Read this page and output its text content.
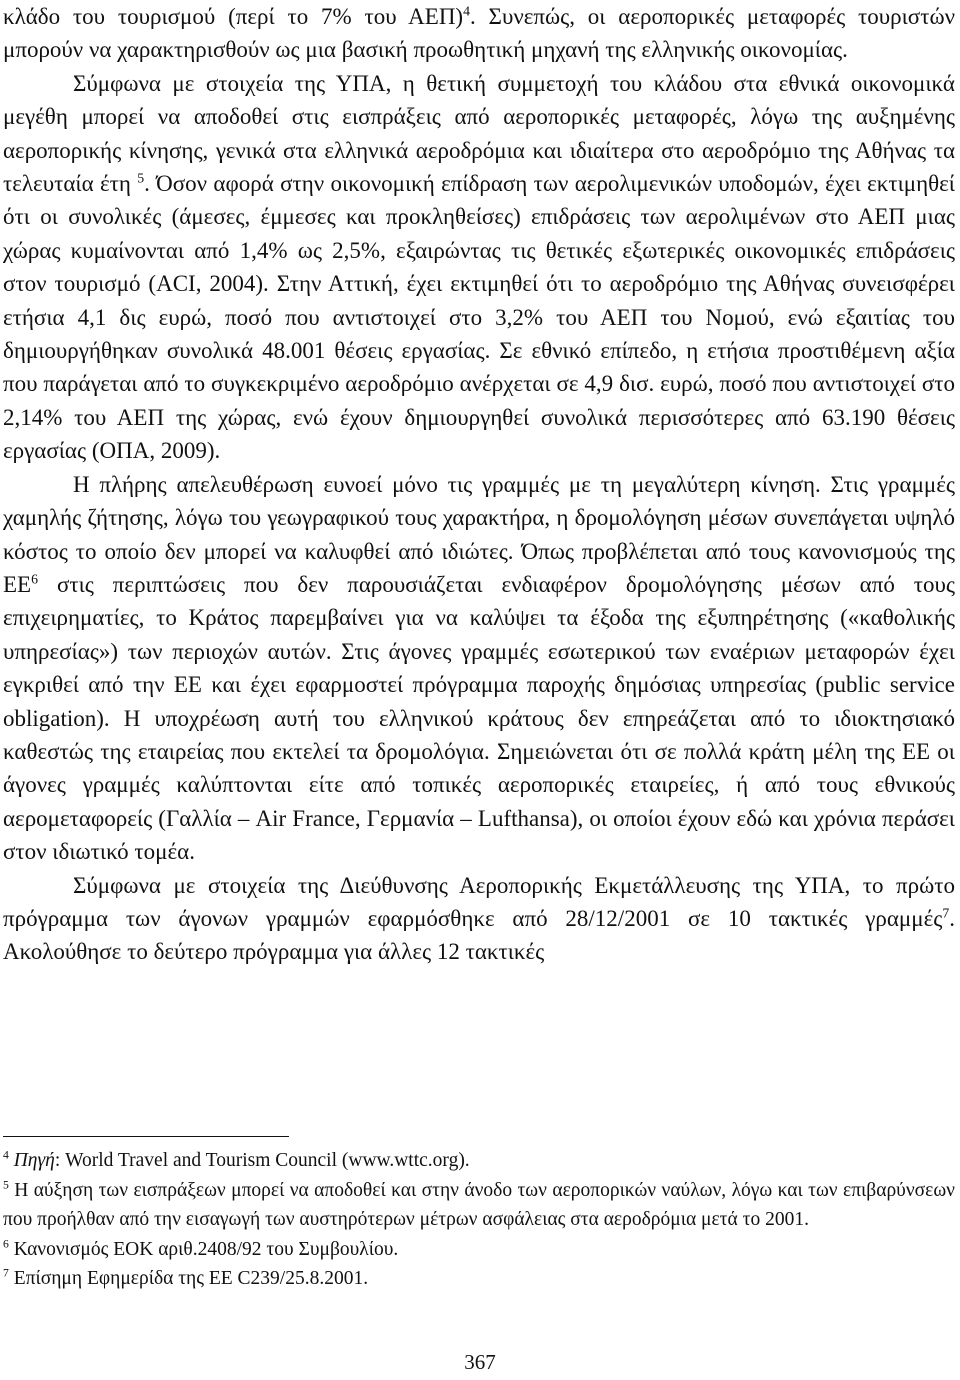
κλάδο του τουρισμού (περί το 7% του ΑΕΠ)$^4$. Συνεπώς, οι αεροπορικές μεταφορές τουριστών μπορούν να χαρακτηρισθούν ως μια βασική προωθητική μηχανή της ελληνικής οικονομίας.

Σύμφωνα με στοιχεία της ΥΠΑ, η θετική συμμετοχή του κλάδου στα εθνικά οικονομικά μεγέθη μπορεί να αποδοθεί στις εισπράξεις από αεροπορικές μεταφορές, λόγω της αυξημένης αεροπορικής κίνησης, γενικά στα ελληνικά αεροδρόμια και ιδιαίτερα στο αεροδρόμιο της Αθήνας τα τελευταία έτη $^5$. Όσον αφορά στην οικονομική επίδραση των αερολιμενικών υποδομών, έχει εκτιμηθεί ότι οι συνολικές (άμεσες, έμμεσες και προκληθείσες) επιδράσεις των αερολιμένων στο ΑΕΠ μιας χώρας κυμαίνονται από 1,4% ως 2,5%, εξαιρώντας τις θετικές εξωτερικές οικονομικές επιδράσεις στον τουρισμό (ACI, 2004). Στην Αττική, έχει εκτιμηθεί ότι το αεροδρόμιο της Αθήνας συνεισφέρει ετήσια 4,1 δις ευρώ, ποσό που αντιστοιχεί στο 3,2% του ΑΕΠ του Νομού, ενώ εξαιτίας του δημιουργήθηκαν συνολικά 48.001 θέσεις εργασίας. Σε εθνικό επίπεδο, η ετήσια προστιθέμενη αξία που παράγεται από το συγκεκριμένο αεροδρόμιο ανέρχεται σε 4,9 δισ. ευρώ, ποσό που αντιστοιχεί στο 2,14% του ΑΕΠ της χώρας, ενώ έχουν δημιουργηθεί συνολικά περισσότερες από 63.190 θέσεις εργασίας (ΟΠΑ, 2009).

Η πλήρης απελευθέρωση ευνοεί μόνο τις γραμμές με τη μεγαλύτερη κίνηση. Στις γραμμές χαμηλής ζήτησης, λόγω του γεωγραφικού τους χαρακτήρα, η δρομολόγηση μέσων συνεπάγεται υψηλό κόστος το οποίο δεν μπορεί να καλυφθεί από ιδιώτες. Όπως προβλέπεται από τους κανονισμούς της $EE^6$ στις περιπτώσεις που δεν παρουσιάζεται ενδιαφέρον δρομολόγησης μέσων από τους επιχειρηματίες, το Κράτος παρεμβαίνει για να καλύψει τα έξοδα της εξυπηρέτησης («καθολικής υπηρεσίας») των περιοχών αυτών. Στις άγονες γραμμές εσωτερικού των εναέριων μεταφορών έχει εγκριθεί από την ΕΕ και έχει εφαρμοστεί πρόγραμμα παροχής δημόσιας υπηρεσίας (public service obligation). Η υποχρέωση αυτή του ελληνικού κράτους δεν επηρεάζεται από το ιδιοκτησιακό καθεστώς της εταιρείας που εκτελεί τα δρομολόγια. Σημειώνεται ότι σε πολλά κράτη μέλη της ΕΕ οι άγονες γραμμές καλύπτονται είτε από τοπικές αεροπορικές εταιρείες, ή από τους εθνικούς αερομεταφορείς (Γαλλία – Air France, Γερμανία – Lufthansa), οι οποίοι έχουν εδώ και χρόνια περάσει στον ιδιωτικό τομέα.

Σύμφωνα με στοιχεία της Διεύθυνσης Αεροπορικής Εκμετάλλευσης της ΥΠΑ, το πρώτο πρόγραμμα των άγονων γραμμών εφαρμόσθηκε από 28/12/2001 σε 10 τακτικές γραμμές$^7$. Ακολούθησε το δεύτερο πρόγραμμα για άλλες 12 τακτικές

$^4$ Πηγή: World Travel and Tourism Council (www.wttc.org).

$^5$ Η αύξηση των εισπράξεων μπορεί να αποδοθεί και στην άνοδο των αεροπορικών ναύλων, λόγω και των επιβαρύνσεων που προήλθαν από την εισαγωγή των αυστηρότερων μέτρων ασφάλειας στα αεροδρόμια μετά το 2001.

$^6$ Κανονισμός ΕΟΚ αριθ.2408/92 του Συμβουλίου.

$^7$ Επίσημη Εφημερίδα της ΕΕ C239/25.8.2001.

367
